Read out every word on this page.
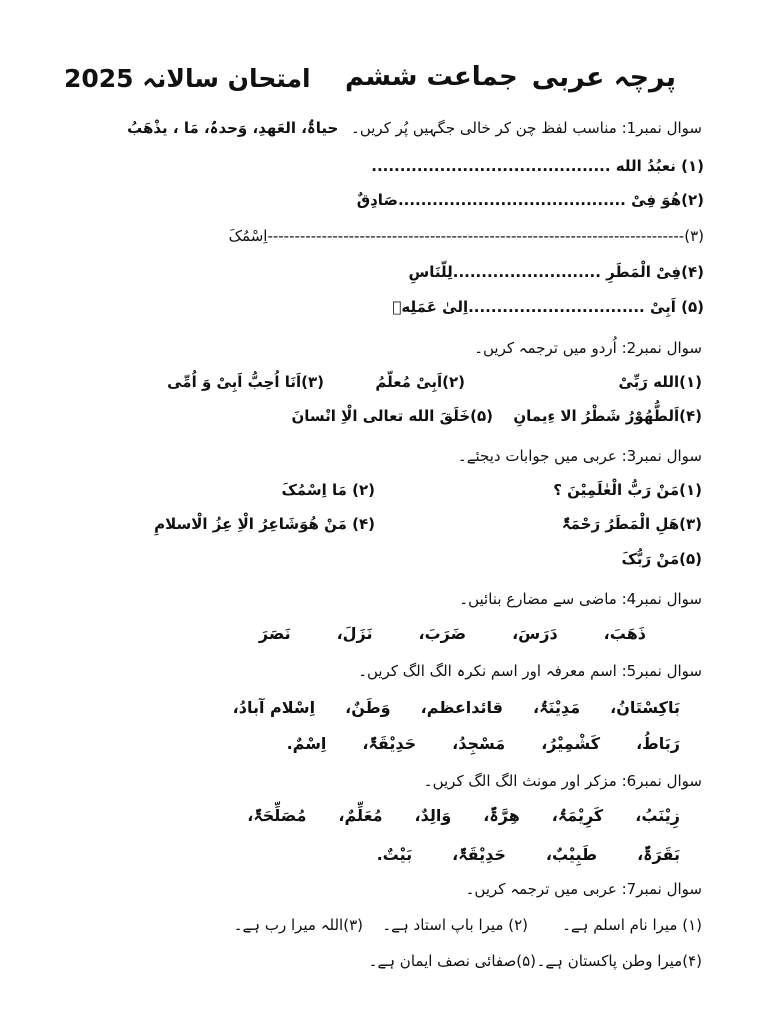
پرچہ عربی
جماعت ششم
امتحان سالانہ 2025
سوال نمبر1: مناسب لفظ چن کر خالی جگہیں پُر کریں۔ حیاۃُ، العَهدِ، وَحدہُ، مَا ، یذْھَبُ
(۱) نعبُدُ الله ..........................................
(۲)هُوَ فِیْ ........................................صَادِقٌ
(۳)-----------------------------------------------------------------------------اِسْمُکَ
(۴)فِیْ الْمَطَرِ ..........................لِلّنَاسِ
(۵) اَبِیْ ...............................اِلیٰ عَمَلِهٖ
سوال نمبر2: اُردو میں ترجمہ کریں۔
(۱)الله رَبِّیْ
(۲)اَبِیْ مُعلّمُ
(۳)اَنَا اُحِبُّ اَبِیْ وَ اُمِّی
(۴)اَلطُّهُوْرُ شَطْرُ الا ءِیمانِ
(۵)خَلَقَ الله تعالی الْاِ انْسانَ
سوال نمبر3: عربی میں جوابات دیجئے۔
(۱)مَنْ رَبُّ الْعٰلَمِیْنَ ؟
(۲) مَا اِسْمُکَ
(۳)هَلِ الْمَطَرُ رَحْمَۃٌ
(۴) مَنْ هُوَشَاعِرُ الْاِ عِزُ الْاسلامِ
(۵)مَنْ رَبُّکَ
سوال نمبر4: ماضی سے مضارع بنائیں۔
ذَهَبَ،
دَرَسَ،
ضَرَبَ،
نَزَلَ،
نَصَرَ
سوال نمبر5: اسم معرفہ اور اسم نکرہ الگ الگ کریں۔
بَاکِسْتَانُ،
مَدِیْنَۃُ،
قائداعظم،
وَطَنٌ،
اِسْلام آبادُ،
رَبَاطُ،
کَشْمِیْرُ،
مَسْجِدُ،
حَدِیْقَۃٌ،
اِسْمٌ.
سوال نمبر6: مزکر اور مونث الگ الگ کریں۔
زِیْنَبُ،
کَرِیْمَۃُ،
هِرَّۃٌ،
وَالِدٌ،
مُعَلِّمٌ،
مُصَلِّحَۃٌ،
بَقَرَۃٌ،
طَبِیْبٌ،
حَدِیْقَۃٌ،
بَیْتٌ.
سوال نمبر7: عربی میں ترجمہ کریں۔
(۱) میرا نام اسلم ہے۔
(۲) میرا باپ استاد ہے۔
(۳)اللہ میرا رب ہے۔
(۴)میرا وطن پاکستان ہے۔
(۵)صفائی نصف ایمان ہے۔
